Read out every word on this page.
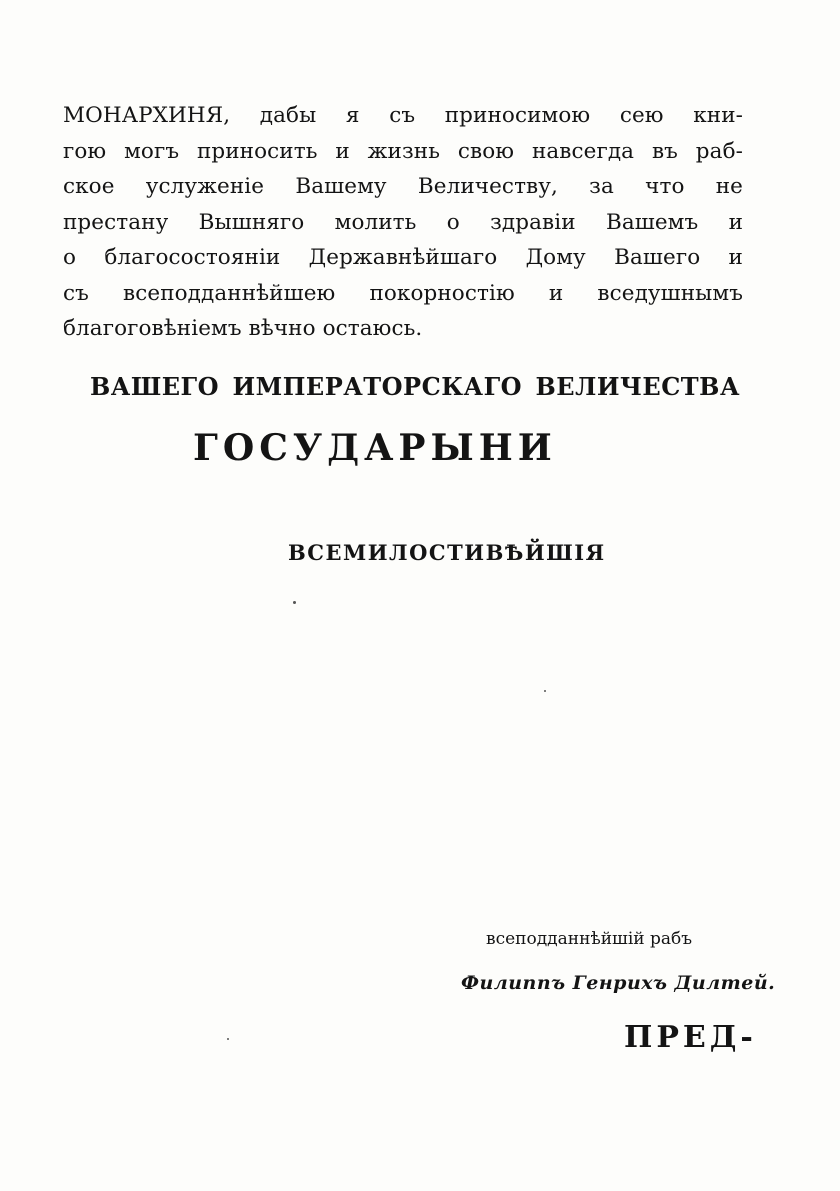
МОНАРХИНЯ, дабы я съ приносимою сею кни-
гою могъ приносить и жизнь свою навсегда въ раб-
ское услуженіе Вашему Величеству, за что не
престану Вышняго молить о здравіи Вашемъ и
о благосостояніи Державнѣйшаго Дому Вашего и
съ всеподданнѣйшею покорностію и вседушнымъ
благоговѣніемъ вѣчно остаюсь.
ВАШЕГО ИМПЕРАТОРСКАГО ВЕЛИЧЕСТВА
ГОСУДАРЫНИ
ВСЕМИЛОСТИВѢЙШІЯ
всеподданнѣйшій рабъ
Филиппъ Генрихъ Дилтей.
ПРЕД-
